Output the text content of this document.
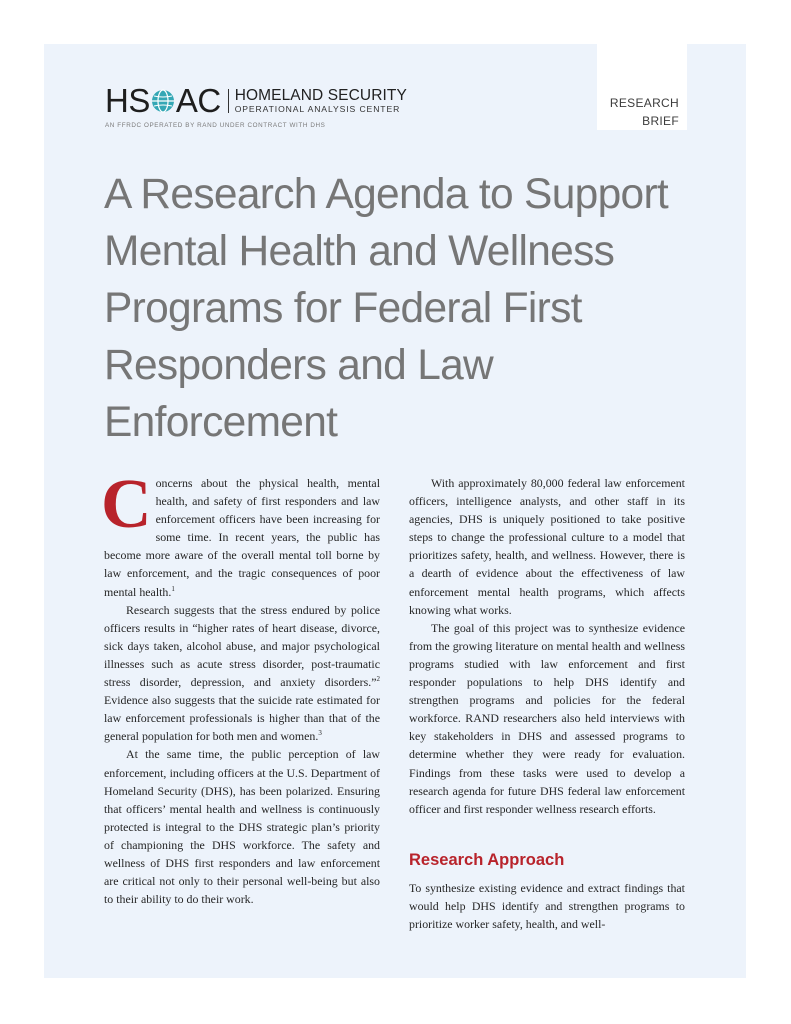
HS AC HOMELAND SECURITY
OPERATIONAL ANALYSIS CENTER
AN FFRDC OPERATED BY RAND UNDER CONTRACT WITH DHS
RESEARCH
BRIEF
A Research Agenda to Support Mental Health and Wellness Programs for Federal First Responders and Law Enforcement

Concerns about the physical health, mental health, and safety of first responders and law enforcement officers have been increasing for some time. In recent years, the public has become more aware of the overall mental toll borne by law enforcement, and the tragic consequences of poor mental health.$^1$

Research suggests that the stress endured by police officers results in “higher rates of heart disease, divorce, sick days taken, alcohol abuse, and major psychological illnesses such as acute stress disorder, post-traumatic stress disorder, depression, and anxiety disorders.”$^2$ Evidence also suggests that the suicide rate estimated for law enforcement professionals is higher than that of the general population for both men and women.$^3$

At the same time, the public perception of law enforcement, including officers at the U.S. Department of Homeland Security (DHS), has been polarized. Ensuring that officers’ mental health and wellness is continuously protected is integral to the DHS strategic plan’s priority of championing the DHS workforce. The safety and wellness of DHS first responders and law enforcement are critical not only to their personal well-being but also to their ability to do their work.

With approximately 80,000 federal law enforcement officers, intelligence analysts, and other staff in its agencies, DHS is uniquely positioned to take positive steps to change the professional culture to a model that prioritizes safety, health, and wellness. However, there is a dearth of evidence about the effectiveness of law enforcement mental health programs, which affects knowing what works.

The goal of this project was to synthesize evidence from the growing literature on mental health and wellness programs studied with law enforcement and first responder populations to help DHS identify and strengthen programs and policies for the federal workforce. RAND researchers also held interviews with key stakeholders in DHS and assessed programs to determine whether they were ready for evaluation. Findings from these tasks were used to develop a research agenda for future DHS federal law enforcement officer and first responder wellness research efforts.

Research Approach

To synthesize existing evidence and extract findings that would help DHS identify and strengthen programs to prioritize worker safety, health, and well-
